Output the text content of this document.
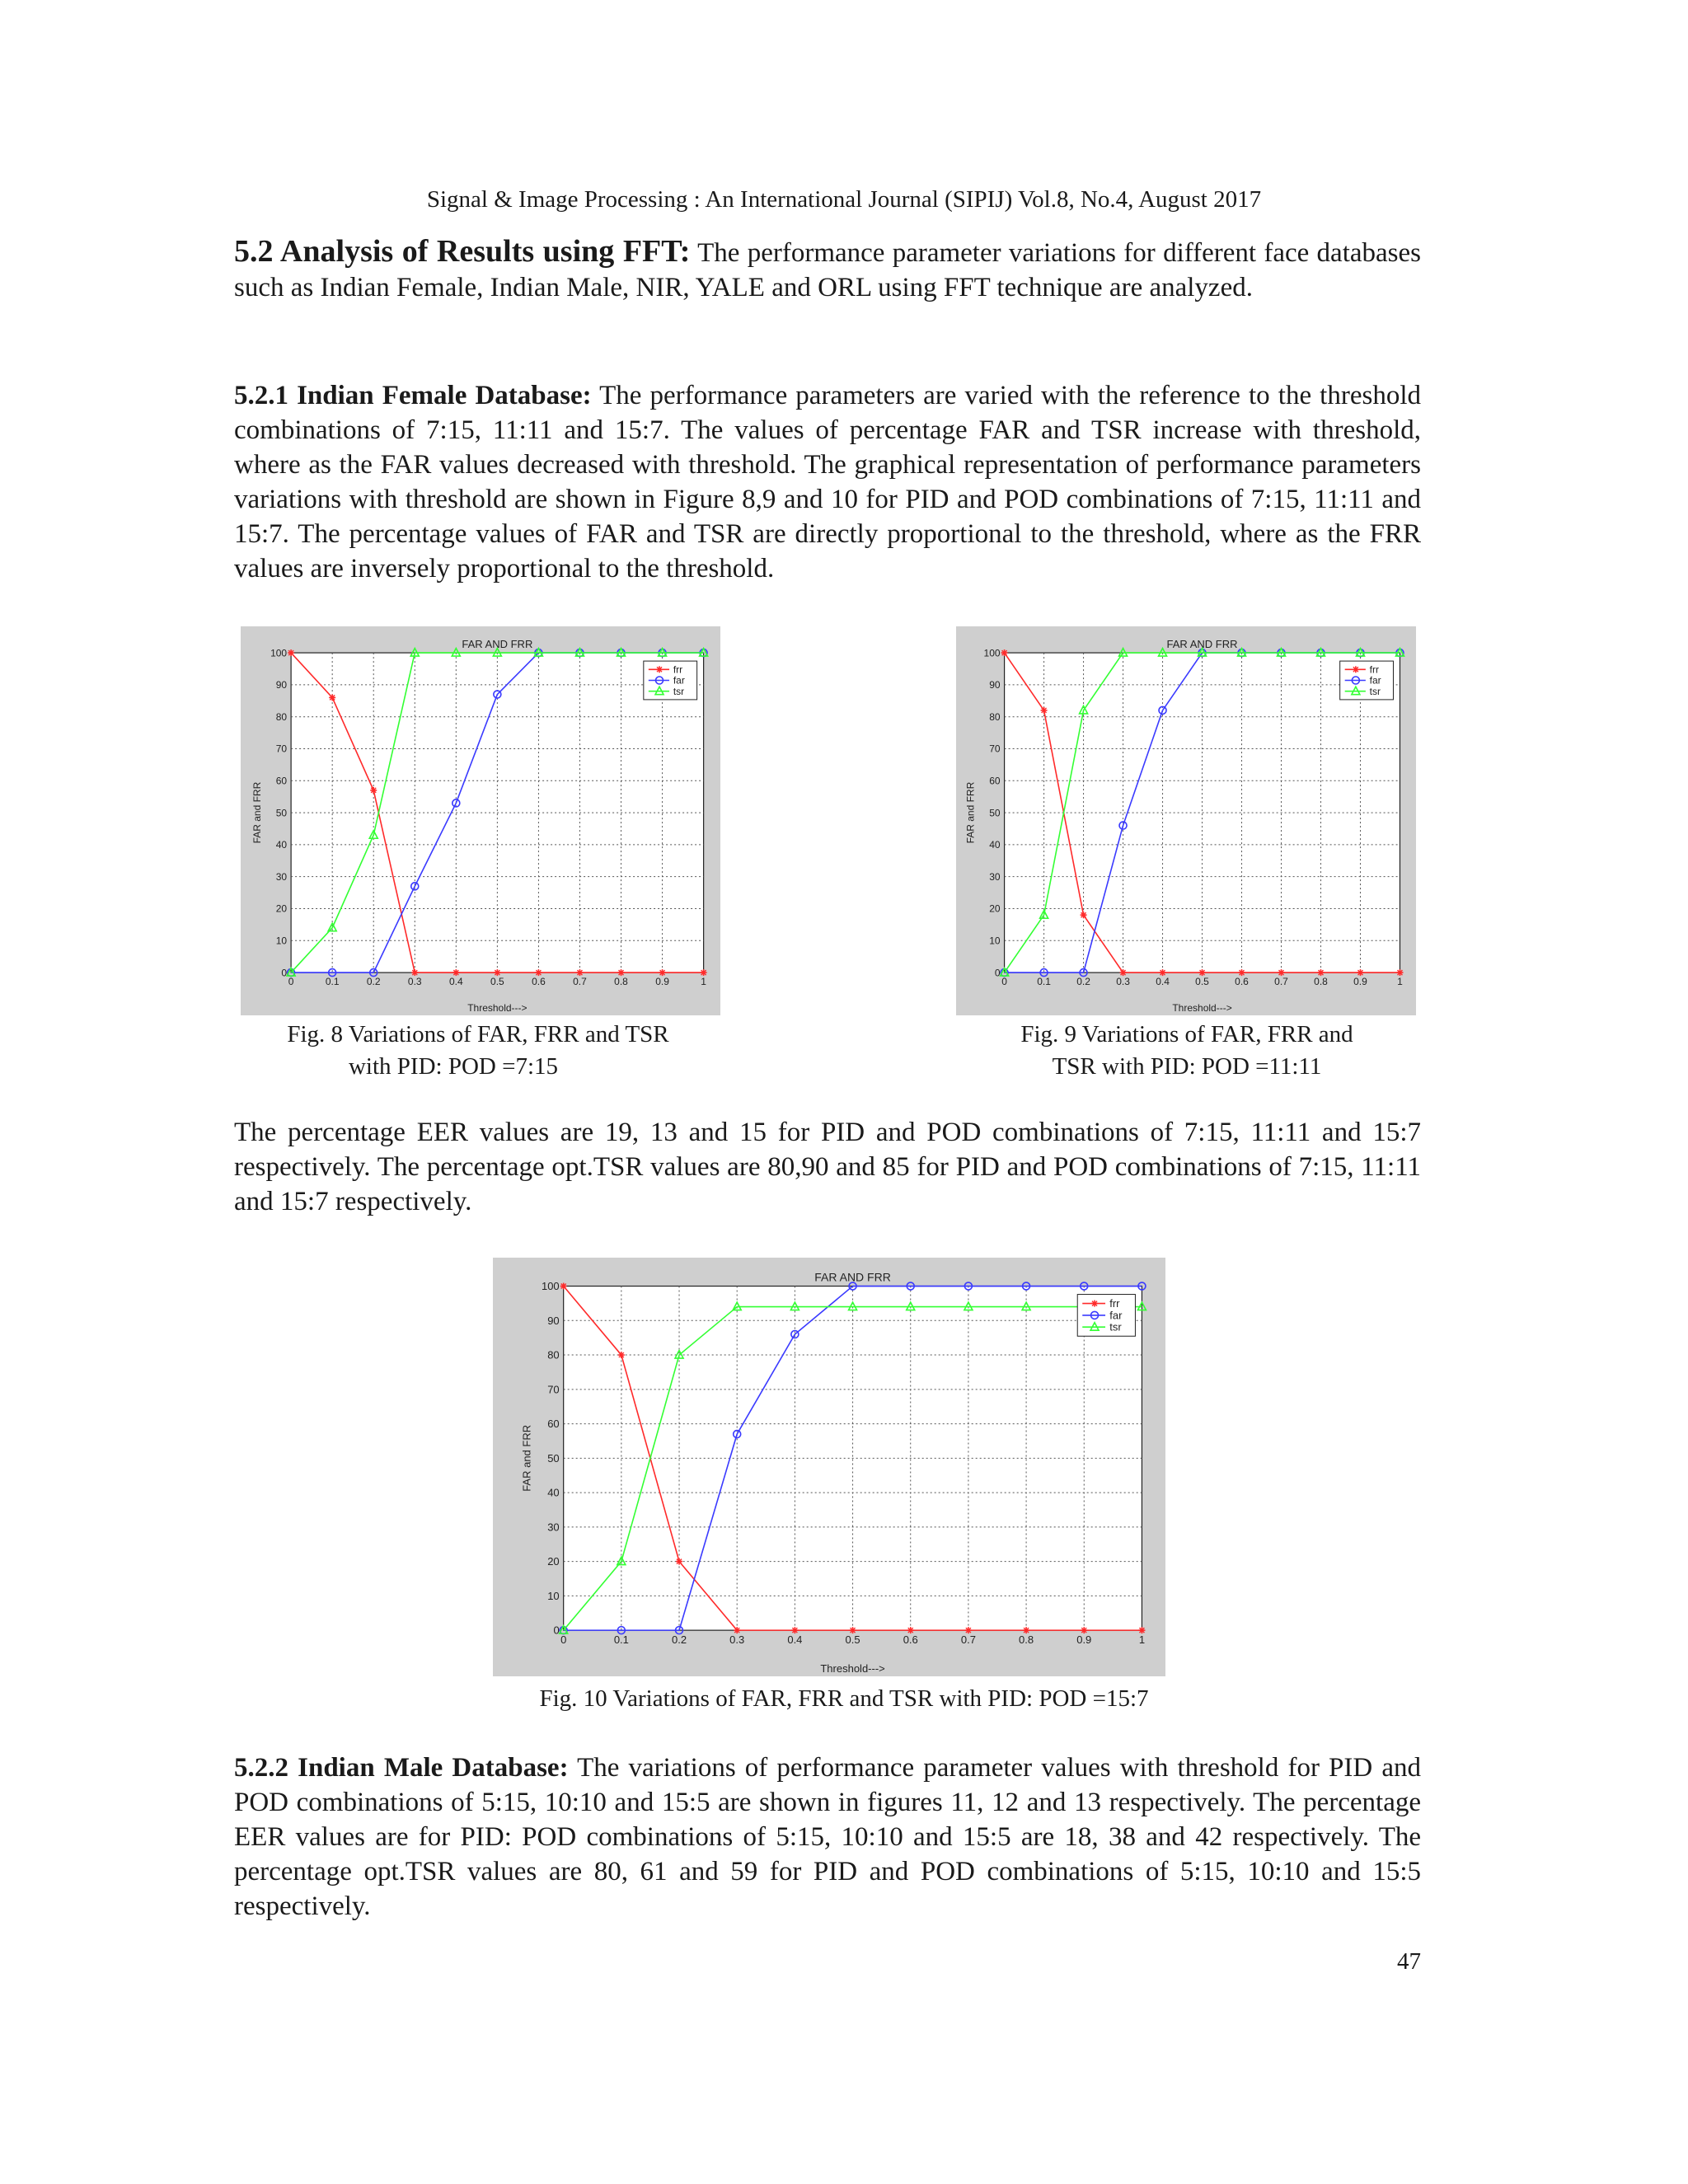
Signal & Image Processing : An International Journal (SIPIJ) Vol.8, No.4, August 2017
5.2 Analysis of Results using FFT: The performance parameter variations for different face databases such as Indian Female, Indian Male, NIR, YALE and ORL using FFT technique are analyzed.
5.2.1 Indian Female Database: The performance parameters are varied with the reference to the threshold combinations of 7:15, 11:11 and 15:7. The values of percentage FAR and TSR increase with threshold, where as the FAR values decreased with threshold. The graphical representation of performance parameters variations with threshold are shown in Figure 8,9 and 10 for PID and POD combinations of 7:15, 11:11 and 15:7. The percentage values of FAR and TSR are directly proportional to the threshold, where as the FRR values are inversely proportional to the threshold.
FAR AND FRR
0	0.1	0.2	0.3	0.4	0.5	0.6	0.7	0.8	0.9	1
0
10
20
30
40
50
60
70
80
90
100
Threshold--->
FAR and FRR
frr
far
tsr
FAR AND FRR
0	0.1	0.2	0.3	0.4	0.5	0.6	0.7	0.8	0.9	1
0
10
20
30
40
50
60
70
80
90
100
Threshold--->
FAR and FRR
frr
far
tsr
Fig. 8 Variations of FAR, FRR and TSR
with PID: POD =7:15
Fig. 9 Variations of FAR, FRR and
TSR with PID: POD =11:11
The percentage EER values are 19, 13 and 15 for PID and POD combinations of 7:15, 11:11 and 15:7 respectively. The percentage opt.TSR values are 80,90 and 85 for PID and POD combinations of 7:15, 11:11 and 15:7 respectively.
FAR AND FRR
0	0.1	0.2	0.3	0.4	0.5	0.6	0.7	0.8	0.9	1
0
10
20
30
40
50
60
70
80
90
100
Threshold--->
FAR and FRR
frr
far
tsr
Fig. 10 Variations of FAR, FRR and TSR with PID: POD =15:7
5.2.2 Indian Male Database: The variations of performance parameter values with threshold for PID and POD combinations of 5:15, 10:10 and 15:5 are shown in figures 11, 12 and 13 respectively. The percentage EER values are for PID: POD combinations of 5:15, 10:10 and 15:5 are 18, 38 and 42 respectively. The percentage opt.TSR values are 80, 61 and 59 for PID and POD combinations of 5:15, 10:10 and 15:5 respectively.
47
